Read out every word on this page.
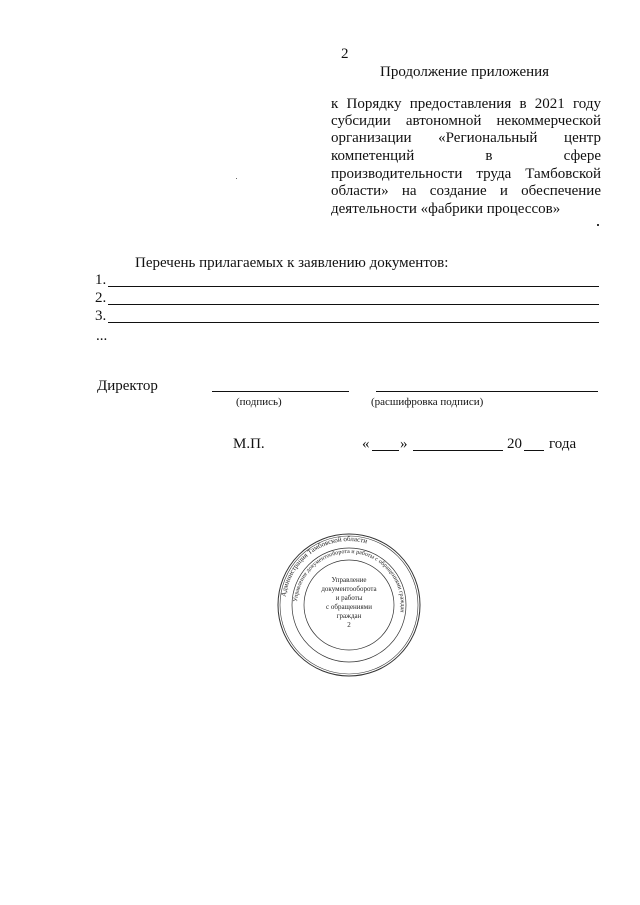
2
Продолжение приложения
к Порядку предоставления в 2021 году
субсидии автономной некоммерческой
организации «Региональный центр
компетенций в сфере
производительности труда Тамбовской
области» на создание и обеспечение
деятельности «фабрики процессов»
Перечень прилагаемых к заявлению документов:
1.
2.
3.
...
Директор
(подпись)	(расшифровка подписи)
М.П.	« »	20 года
Администрация Тамбовской области
Управление документооборота и работы с обращениями граждан
Управление
документооборота
и работы
с обращениями
граждан
2
